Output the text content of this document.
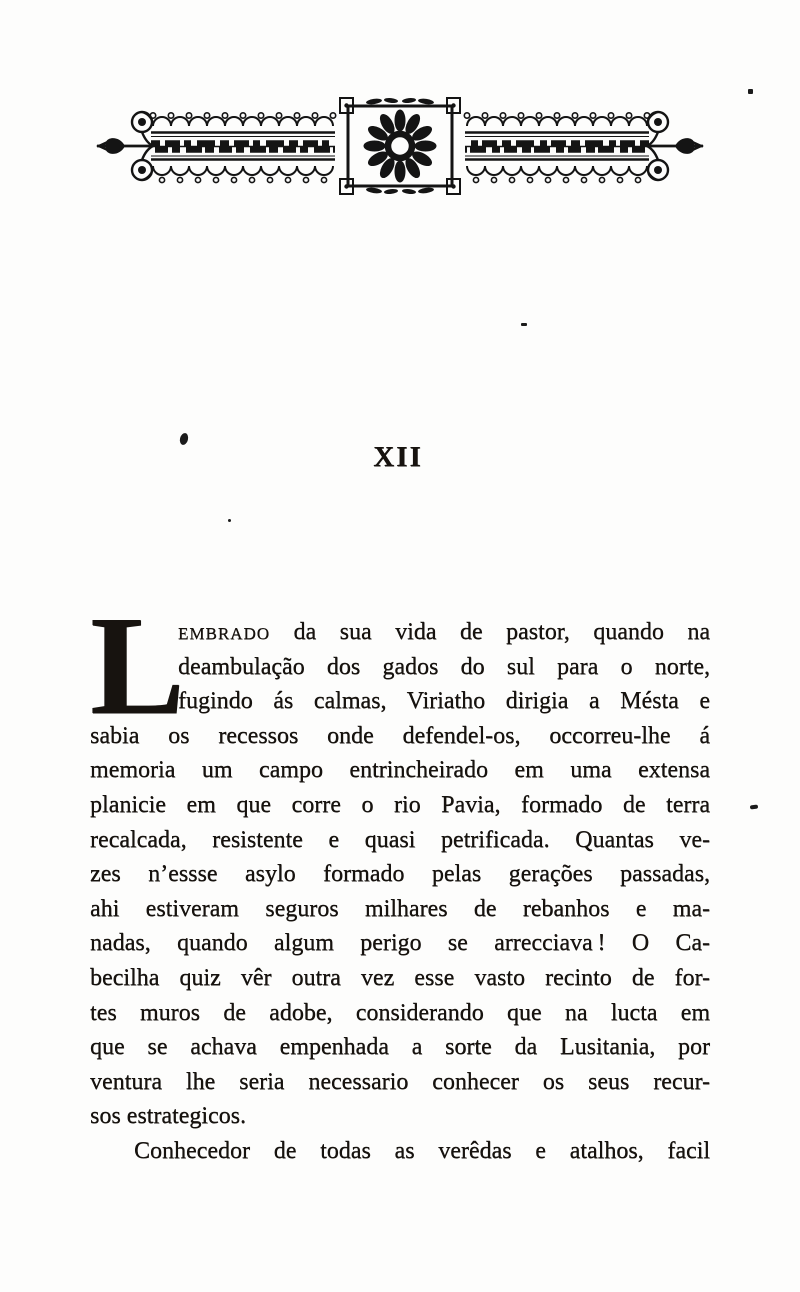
XII
L
embrado da sua vida de pastor, quando na
deambulação dos gados do sul para o norte,
fugindo ás calmas, Viriatho dirigia a Mésta e
sabia os recessos onde defendel-os, occorreu-lhe á
memoria um campo entrincheirado em uma extensa
planicie em que corre o rio Pavia, formado de terra
recalcada, resistente e quasi petrificada. Quantas ve-
zes n’essse asylo formado pelas gerações passadas,
ahi estiveram seguros milhares de rebanhos e ma-
nadas, quando algum perigo se arrecciava ! O Ca-
becilha quiz vêr outra vez esse vasto recinto de for-
tes muros de adobe, considerando que na lucta em
que se achava empenhada a sorte da Lusitania, por
ventura lhe seria necessario conhecer os seus recur-
sos estrategicos.
Conhecedor de todas as verêdas e atalhos, facil
